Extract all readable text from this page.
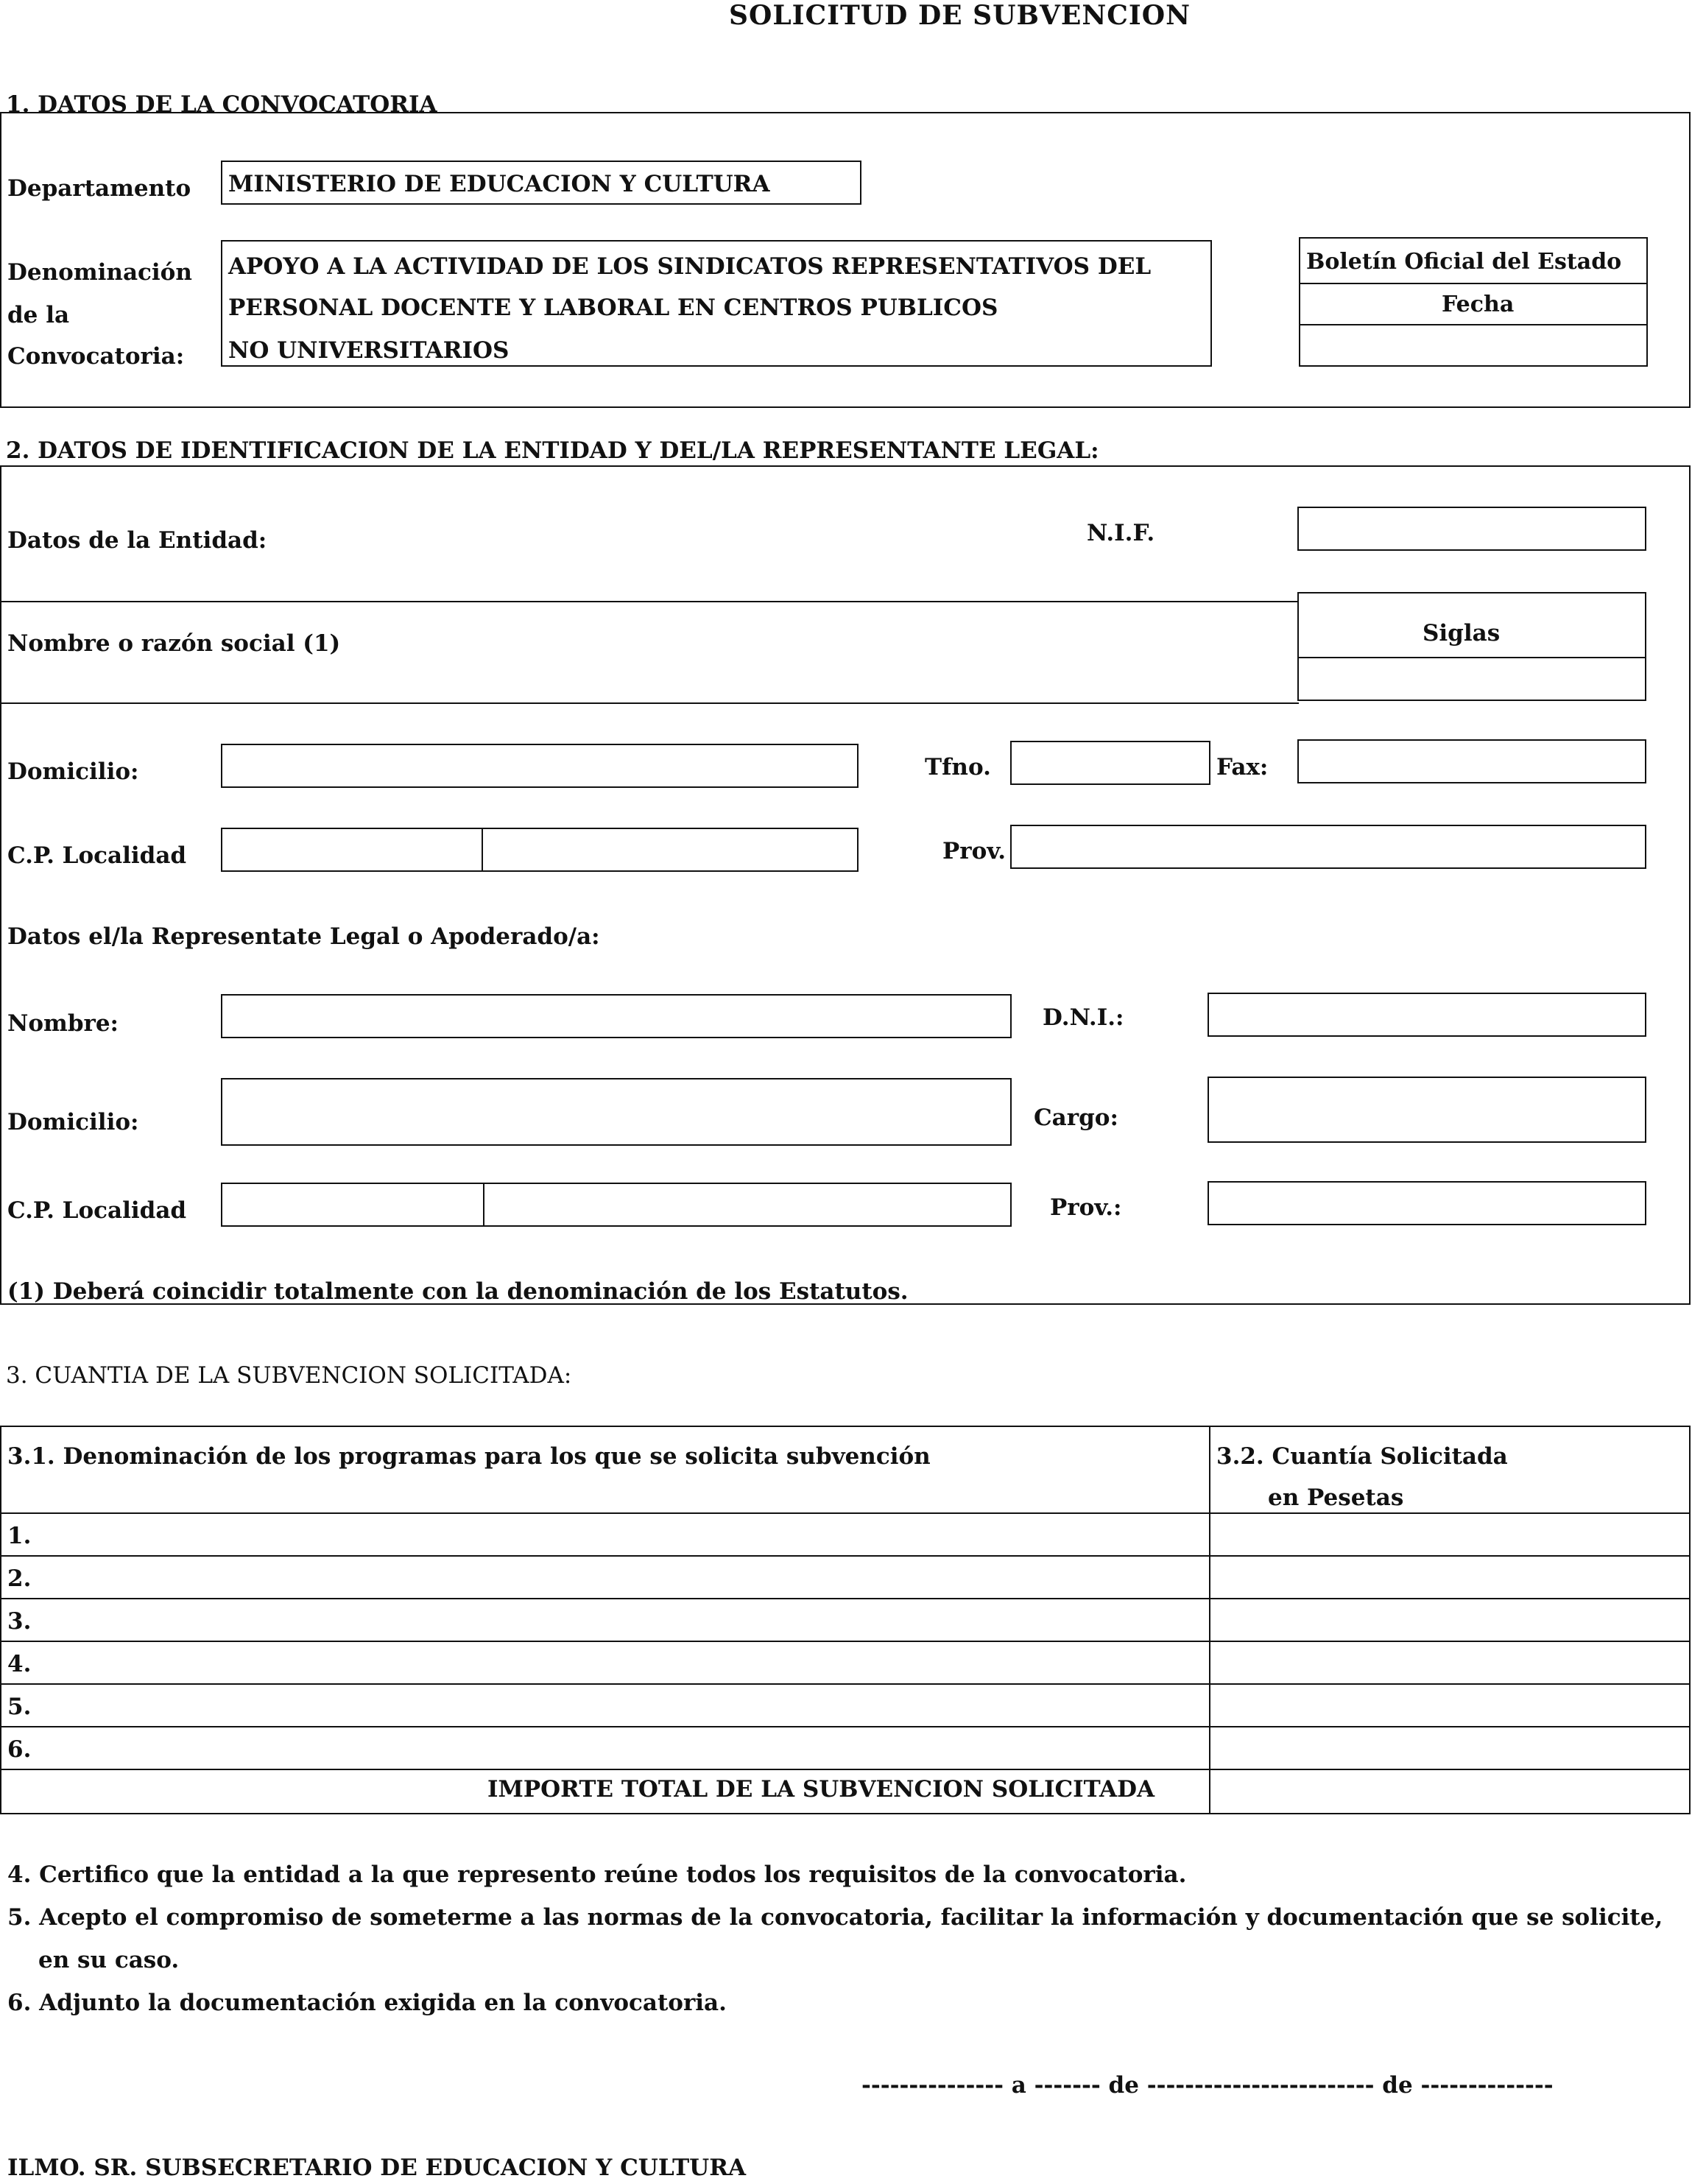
SOLICITUD DE SUBVENCION
1. DATOS DE LA CONVOCATORIA
Departamento MINISTERIO DE EDUCACION Y CULTURA
Denominación
de la
Convocatoria:
APOYO A LA ACTIVIDAD DE LOS SINDICATOS REPRESENTATIVOS DEL
PERSONAL DOCENTE Y LABORAL EN CENTROS PUBLICOS
NO UNIVERSITARIOS
Boletín Oficial del Estado
Fecha
2. DATOS DE IDENTIFICACION DE LA ENTIDAD Y DEL/LA REPRESENTANTE LEGAL:
Datos de la Entidad:	N.I.F.
Nombre o razón social (1)	Siglas
Domicilio:	Tfno.	Fax:
C.P. Localidad	Prov.
Datos el/la Representate Legal o Apoderado/a:
Nombre:	D.N.I.:
Domicilio:	Cargo:
C.P. Localidad	Prov.:
(1) Deberá coincidir totalmente con la denominación de los Estatutos.
3. CUANTIA DE LA SUBVENCION SOLICITADA:
3.1. Denominación de los programas para los que se solicita subvención	3.2. Cuantía Solicitada
en Pesetas
1.
2.
3.
4.
5.
6.
IMPORTE TOTAL DE LA SUBVENCION SOLICITADA
4. Certifico que la entidad a la que represento reúne todos los requisitos de la convocatoria.
5. Acepto el compromiso de someterme a las normas de la convocatoria, facilitar la información y documentación que se solicite,
en su caso.
6. Adjunto la documentación exigida en la convocatoria.
--------------- a ------- de ------------------------ de --------------
ILMO. SR. SUBSECRETARIO DE EDUCACION Y CULTURA
